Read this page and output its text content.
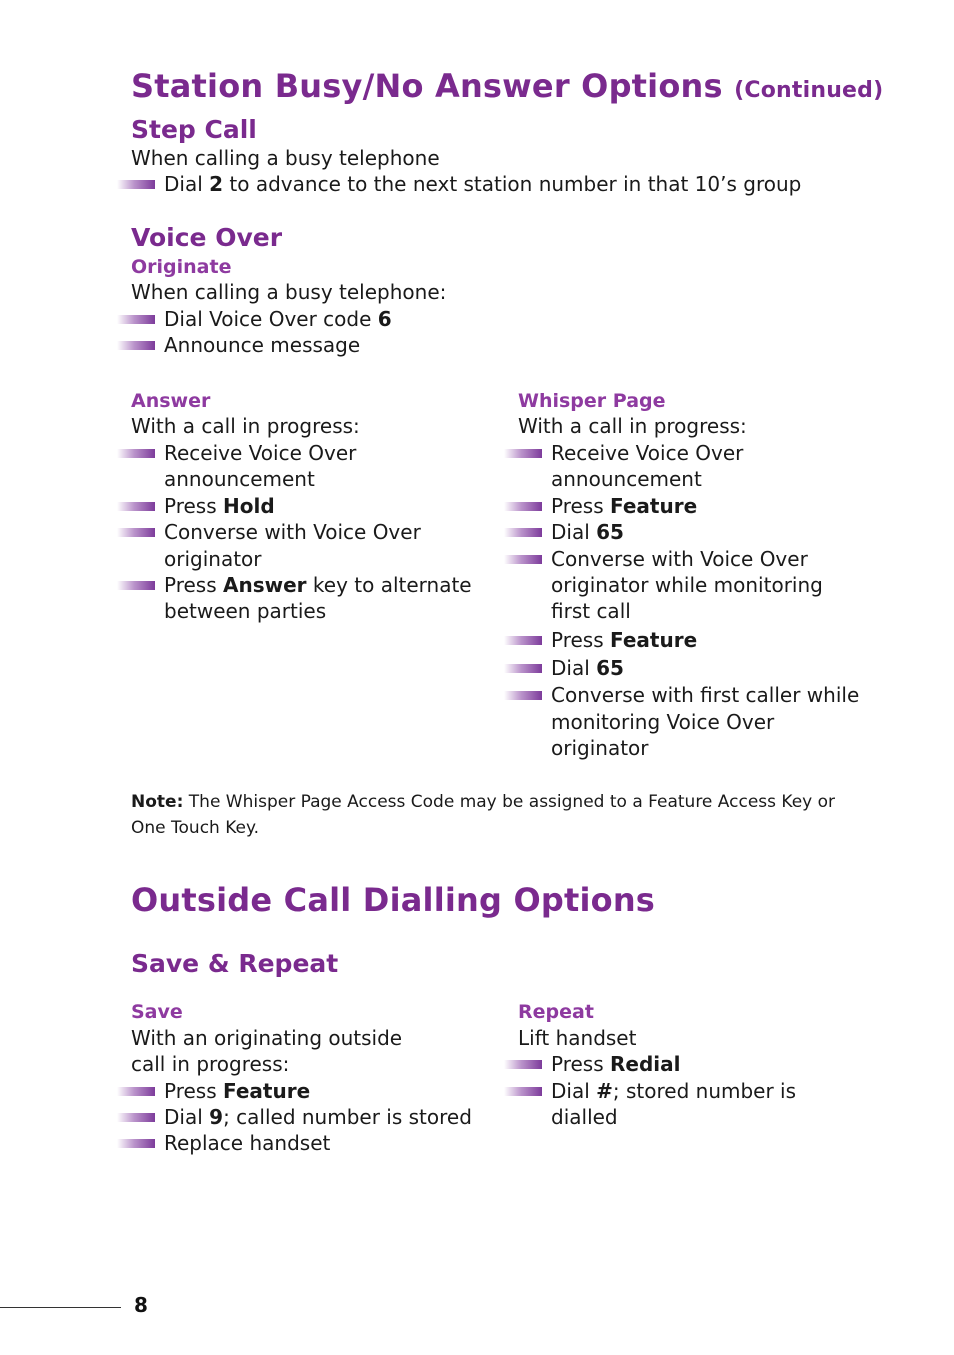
Station Busy/No Answer Options (Continued)
Step Call
When calling a busy telephone
Dial 2 to advance to the next station number in that 10’s group
Voice Over
Originate
When calling a busy telephone:
Dial Voice Over code 6
Announce message
Answer
With a call in progress:
Receive Voice Over
announcement
Press Hold
Converse with Voice Over
originator
Press Answer key to alternate
between parties
Whisper Page
With a call in progress:
Receive Voice Over
announcement
Press Feature
Dial 65
Converse with Voice Over
originator while monitoring
first call
Press Feature
Dial 65
Converse with first caller while
monitoring Voice Over
originator
Note: The Whisper Page Access Code may be assigned to a Feature Access Key or One Touch Key.
Outside Call Dialling Options
Save & Repeat
Save
With an originating outside
call in progress:
Press Feature
Dial 9; called number is stored
Replace handset
Repeat
Lift handset
Press Redial
Dial #; stored number is
dialled
8
